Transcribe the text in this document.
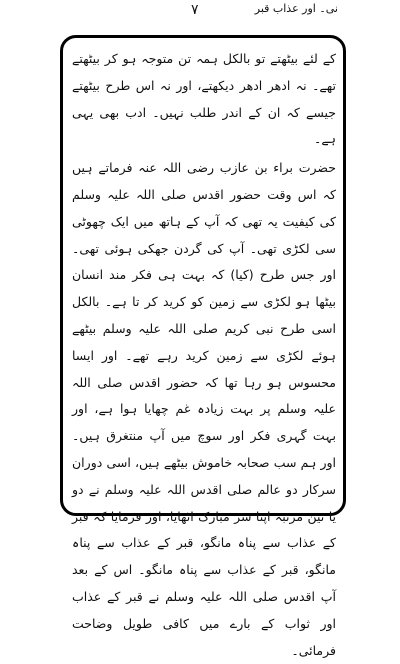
۷	نی۔ اور عذاب قبر

کے لئے بیٹھتے تو بالکل ہمہ تن متوجہ ہو کر بیٹھتے تھے۔ نہ ادھر ادھر دیکھتے، اور نہ اس طرح بیٹھتے جیسے کہ ان کے اندر طلب نہیں۔ ادب بھی یہی ہے۔

حضرت براء بن عازب رضی اللہ عنہ فرماتے ہیں کہ اس وقت حضور اقدس صلی اللہ علیہ وسلم کی کیفیت یہ تھی کہ آپ کے ہاتھ میں ایک چھوٹی سی لکڑی تھی۔ آپ کی گردن جھکی ہوئی تھی۔ اور جس طرح (کیا) کہ بہت ہی فکر مند انسان بیٹھا ہو لکڑی سے زمین کو کرید کر تا ہے۔ بالکل اسی طرح نبی کریم صلی اللہ علیہ وسلم بیٹھے ہوئے لکڑی سے زمین کرید رہے تھے۔ اور ایسا محسوس ہو رہا تھا کہ حضور اقدس صلی اللہ علیہ وسلم پر بہت زیادہ غم چھایا ہوا ہے، اور بہت گہری فکر اور سوچ میں آپ منتغرق ہیں۔ اور ہم سب صحابہ خاموش بیٹھے ہیں، اسی دوران سرکار دو عالم صلی اقدس اللہ علیہ وسلم نے دو یا تین مرتبہ اپنا سر مبارک اٹھایا، اور فرمایا کہ قبر کے عذاب سے پناہ مانگو، قبر کے عذاب سے پناہ مانگو، قبر کے عذاب سے پناہ مانگو۔ اس کے بعد آپ اقدس صلی اللہ علیہ وسلم نے قبر کے عذاب اور ثواب کے بارے میں کافی طویل وضاحت فرمائی۔
